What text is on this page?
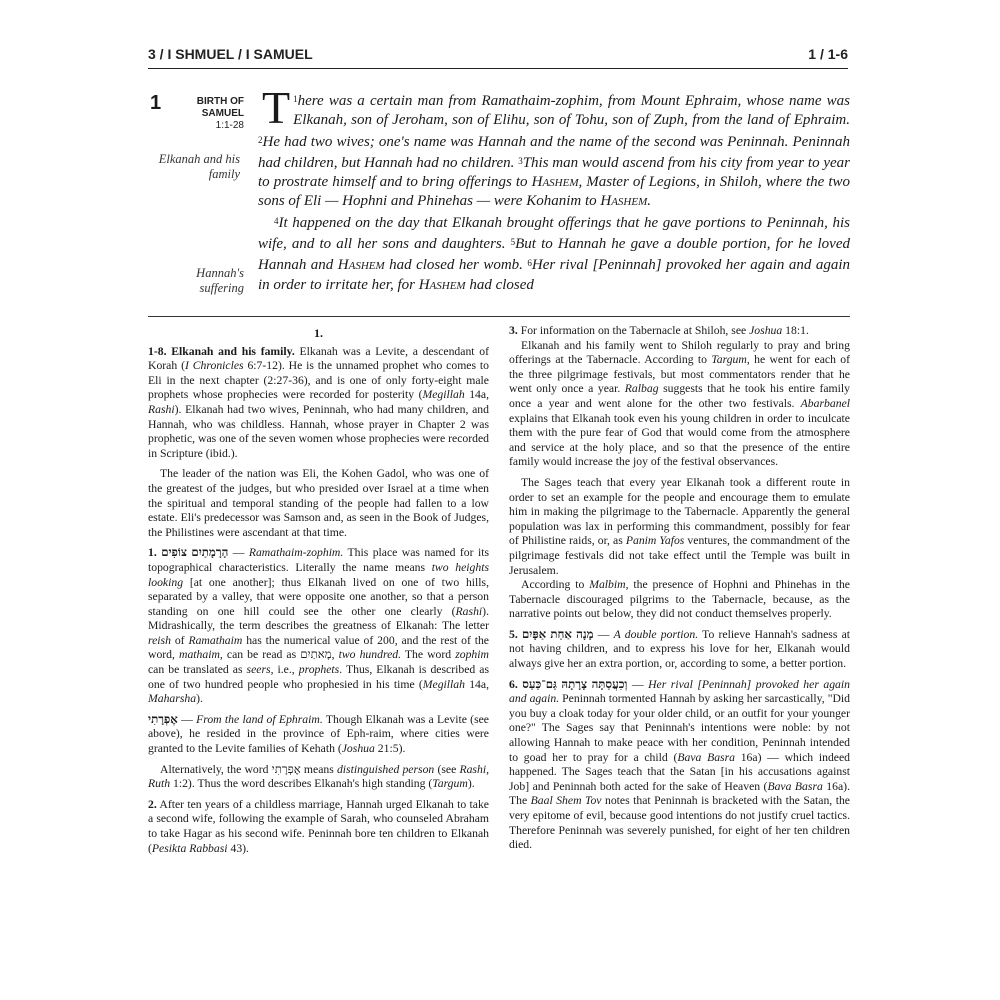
3 / I SHMUEL / I SAMUEL	1 / 1-6
1	BIRTH OF SAMUEL
1:1-28
Elkanah and his family
Hannah's suffering

$^1$
T here was a certain man from Ramathaim-zophim, from Mount Ephraim, whose name was Elkanah, son of Jeroham, son of Elihu, son of Tohu, son of Zuph, from the land of Ephraim. $^2$He had two wives; one's name was Hannah and the name of the second was Peninnah. Peninnah had children, but Hannah had no children. $^3$This man would ascend from his city from year to year to prostrate himself and to bring offerings to Hashem, Master of Legions, in Shiloh, where the two sons of Eli — Hophni and Phinehas — were Kohanim to Hashem.

$^4$It happened on the day that Elkanah brought offerings that he gave portions to Peninnah, his wife, and to all her sons and daughters. $^5$But to Hannah he gave a double portion, for he loved Hannah and Hashem had closed her womb. $^6$Her rival [Peninnah] provoked her again and again in order to irritate her, for Hashem had closed

1.

1-8. Elkanah and his family. Elkanah was a Levite, a descendant of Korah (I Chronicles 6:7-12). He is the unnamed prophet who comes to Eli in the next chapter (2:27-36), and is one of only forty-eight male prophets whose prophecies were recorded for posterity (Megillah 14a, Rashi). Elkanah had two wives, Peninnah, who had many children, and Hannah, who was childless. Hannah, whose prayer in Chapter 2 was prophetic, was one of the seven women whose prophecies were recorded in Scripture (ibid.).

The leader of the nation was Eli, the Kohen Gadol, who was one of the greatest of the judges, but who presided over Israel at a time when the spiritual and temporal standing of the people had fallen to a low estate. Eli's predecessor was Samson and, as seen in the Book of Judges, the Philistines were ascendant at that time.

1. הָרָמָתַיִם צוֹפִים — Ramathaim-zophim. This place was named for its topographical characteristics. Literally the name means two heights looking [at one another]; thus Elkanah lived on one of two hills, separated by a valley, that were opposite one another, so that a person standing on one hill could see the other one clearly (Rashi). Midrashically, the term describes the greatness of Elkanah: The letter reish of Ramathaim has the numerical value of 200, and the rest of the word, mathaim, can be read as מָאתַיִם, two hundred. The word zophim can be translated as seers, i.e., prophets. Thus, Elkanah is described as one of two hundred people who prophesied in his time (Megillah 14a, Maharsha).

אֶפְרָתִי — From the land of Ephraim. Though Elkanah was a Levite (see above), he resided in the province of Eph-raim, where cities were granted to the Levite families of Kehath (Joshua 21:5).

Alternatively, the word אֶפְרָתִי means distinguished person (see Rashi, Ruth 1:2). Thus the word describes Elkanah's high standing (Targum).

2. After ten years of a childless marriage, Hannah urged Elkanah to take a second wife, following the example of Sarah, who counseled Abraham to take Hagar as his second wife. Peninnah bore ten children to Elkanah (Pesikta Rabbasi 43).

3. For information on the Tabernacle at Shiloh, see Joshua 18:1.

Elkanah and his family went to Shiloh regularly to pray and bring offerings at the Tabernacle. According to Targum, he went for each of the three pilgrimage festivals, but most commentators render that he went only once a year. Ralbag suggests that he took his entire family once a year and went alone for the other two festivals. Abarbanel explains that Elkanah took even his young children in order to inculcate them with the pure fear of God that would come from the atmosphere and service at the holy place, and so that the presence of the entire family would increase the joy of the festival observances.

The Sages teach that every year Elkanah took a different route in order to set an example for the people and encourage them to emulate him in making the pilgrimage to the Tabernacle. Apparently the general population was lax in performing this commandment, possibly for fear of Philistine raids, or, as Panim Yafos ventures, the commandment of the pilgrimage festivals did not take effect until the Temple was built in Jerusalem.

According to Malbim, the presence of Hophni and Phinehas in the Tabernacle discouraged pilgrims to the Tabernacle, because, as the narrative points out below, they did not conduct themselves properly.

5. מָנָה אַחַת אַפָּיִם — A double portion. To relieve Hannah's sadness at not having children, and to express his love for her, Elkanah would always give her an extra portion, or, according to some, a better portion.

6. וְכִעֲסַתָּה צָרָתָהּ גַּם־כַּעַס — Her rival [Peninnah] provoked her again and again. Peninnah tormented Hannah by asking her sarcastically, "Did you buy a cloak today for your older child, or an outfit for your younger one?" The Sages say that Peninnah's intentions were noble: by not allowing Hannah to make peace with her condition, Peninnah intended to goad her to pray for a child (Bava Basra 16a) — which indeed happened. The Sages teach that the Satan [in his accusations against Job] and Peninnah both acted for the sake of Heaven (Bava Basra 16a). The Baal Shem Tov notes that Peninnah is bracketed with the Satan, the very epitome of evil, because good intentions do not justify cruel tactics. Therefore Peninnah was severely punished, for eight of her ten children died.
